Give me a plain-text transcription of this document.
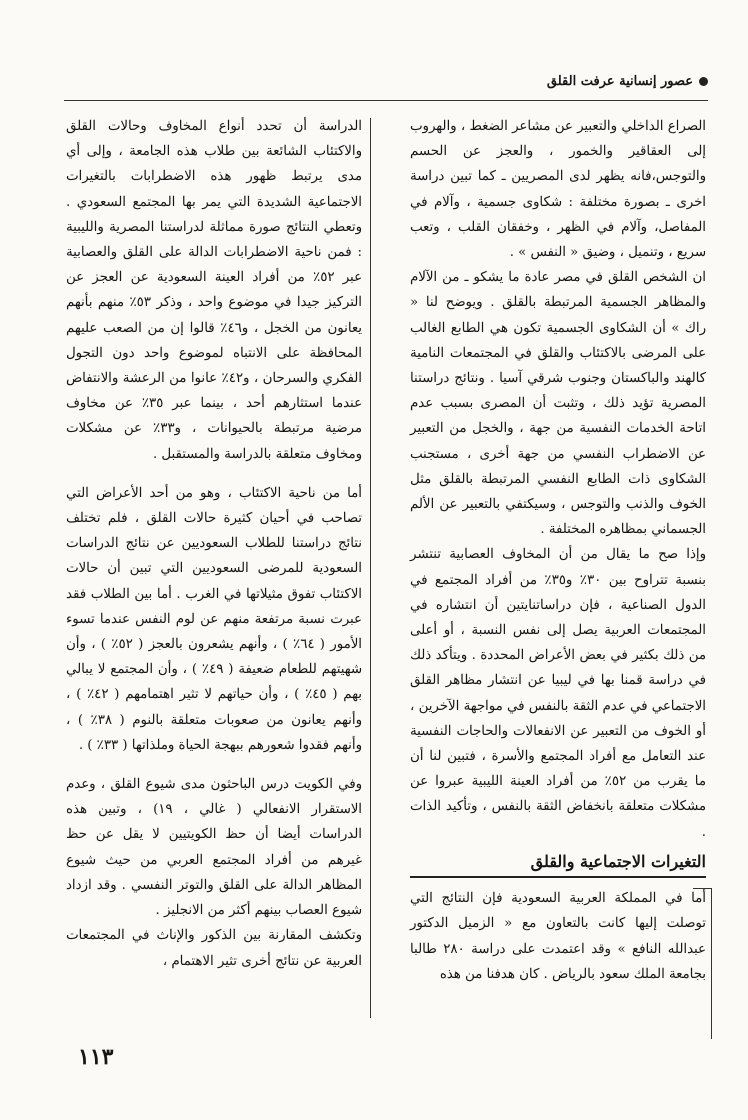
عصور إنسانية عرفت القلق

الصراع الداخلي والتعبير عن مشاعر الضغط ، والهروب إلى العقاقير والخمور ، والعجز عن الحسم والتوجس،فانه يظهر لدى المصريين ـ كما تبين دراسة اخرى ـ بصورة مختلفة : شكاوى جسمية ، وآلام في المفاصل، وآلام في الظهر ، وخفقان القلب ، وتعب سريع ، وتنميل ، وضيق « النفس » .

ان الشخص القلق في مصر عادة ما يشكو ـ من الآلام والمظاهر الجسمية المرتبطة بالقلق . ويوضح لنا « راك » أن الشكاوى الجسمية تكون هي الطابع الغالب على المرضى بالاكتئاب والقلق في المجتمعات النامية كالهند والباكستان وجنوب شرقي آسيا . ونتائج دراستنا المصرية تؤيد ذلك ، وتثبت أن المصرى بسبب عدم اتاحة الخدمات النفسية من جهة ، والخجل من التعبير عن الاضطراب النفسي من جهة أخرى ، مستجنب الشكاوى ذات الطابع النفسي المرتبطة بالقلق مثل الخوف والذنب والتوجس ، وسيكتفي بالتعبير عن الألم الجسماني بمظاهره المختلفة .

وإذا صح ما يقال من أن المخاوف العصابية تنتشر بنسبة تتراوح بين ٣٠٪ و٣٥٪ من أفراد المجتمع في الدول الصناعية ، فإن دراساتنايتين أن انتشاره في المجتمعات العربية يصل إلى نفس النسبة ، أو أعلى من ذلك بكثير في بعض الأعراض المحددة . ويتأكد ذلك في دراسة قمنا بها في ليبيا عن انتشار مظاهر القلق الاجتماعي في عدم الثقة بالنفس في مواجهة الآخرين ، أو الخوف من التعبير عن الانفعالات والحاجات النفسية عند التعامل مع أفراد المجتمع والأسرة ، فتبين لنا أن ما يقرب من ٥٢٪ من أفراد العينة الليبية عبروا عن مشكلات متعلقة بانخفاض الثقة بالنفس ، وتأكيد الذات .

التغيرات الاجتماعية والقلق

أما في المملكة العربية السعودية فإن النتائج التي توصلت إليها كانت بالتعاون مع « الزميل الدكتور عبدالله النافع » وقد اعتمدت على دراسة ٢٨٠ طالبا بجامعة الملك سعود بالرياض . كان هدفنا من هذه

الدراسة أن تحدد أنواع المخاوف وحالات القلق والاكتئاب الشائعة بين طلاب هذه الجامعة ، وإلى أي مدى يرتبط ظهور هذه الاضطرابات بالتغيرات الاجتماعية الشديدة التي يمر بها المجتمع السعودي . وتعطي النتائج صورة مماثلة لدراستنا المصرية والليبية : فمن ناحية الاضطرابات الدالة على القلق والعصابية عبر ٥٢٪ من أفراد العينة السعودية عن العجز عن التركيز جيدا في موضوع واحد ، وذكر ٥٣٪ منهم بأنهم يعانون من الخجل ، و٤٦٪ قالوا إن من الصعب عليهم المحافظة على الانتباه لموضوع واحد دون التجول الفكري والسرحان ، و٤٢٪ عانوا من الرعشة والانتفاض عندما استثارهم أحد ، بينما عبر ٣٥٪ عن مخاوف مرضية مرتبطة بالحيوانات ، و٣٣٪ عن مشكلات ومخاوف متعلقة بالدراسة والمستقبل .

أما من ناحية الاكتئاب ، وهو من أحد الأعراض التي تصاحب في أحيان كثيرة حالات القلق ، فلم تختلف نتائج دراستنا للطلاب السعوديين عن نتائج الدراسات السعودية للمرضى السعوديين التي تبين أن حالات الاكتئاب تفوق مثيلاتها في الغرب . أما بين الطلاب فقد عبرت نسبة مرتفعة منهم عن لوم النفس عندما تسوء الأمور ( ٦٤٪ ) ، وأنهم يشعرون بالعجز ( ٥٢٪ ) ، وأن شهيتهم للطعام ضعيفة ( ٤٩٪ ) ، وأن المجتمع لا يبالي بهم ( ٤٥٪ ) ، وأن حياتهم لا تثير اهتمامهم ( ٤٢٪ ) ، وأنهم يعانون من صعوبات متعلقة بالنوم ( ٣٨٪ ) ، وأنهم فقدوا شعورهم ببهجة الحياة وملذاتها ( ٣٣٪ ) .

وفي الكويت درس الباحثون مدى شيوع القلق ، وعدم الاستقرار الانفعالي ( غالي ، ١٩) ، وتبين هذه الدراسات أيضا أن حظ الكويتيين لا يقل عن حظ غيرهم من أفراد المجتمع العربي من حيث شيوع المظاهر الدالة على القلق والتوتر النفسي . وقد ازداد شيوع العصاب بينهم أكثر من الانجليز .

وتكشف المقارنة بين الذكور والإناث في المجتمعات العربية عن نتائج أخرى تثير الاهتمام ،

١١٣
